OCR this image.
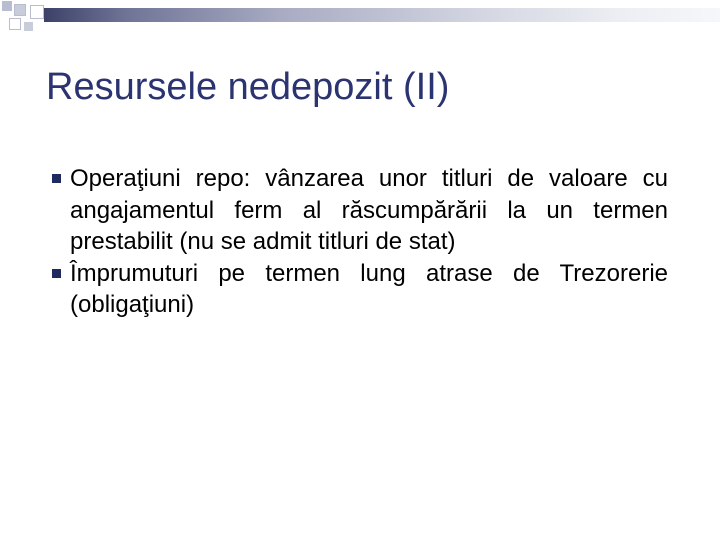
Resursele nedepozit (II)
Operaţiuni repo: vânzarea unor titluri de valoare cu angajamentul ferm al răscumpărării la un termen prestabilit (nu se admit titluri de stat)
Împrumuturi pe termen lung atrase de Trezorerie (obligaţiuni)
